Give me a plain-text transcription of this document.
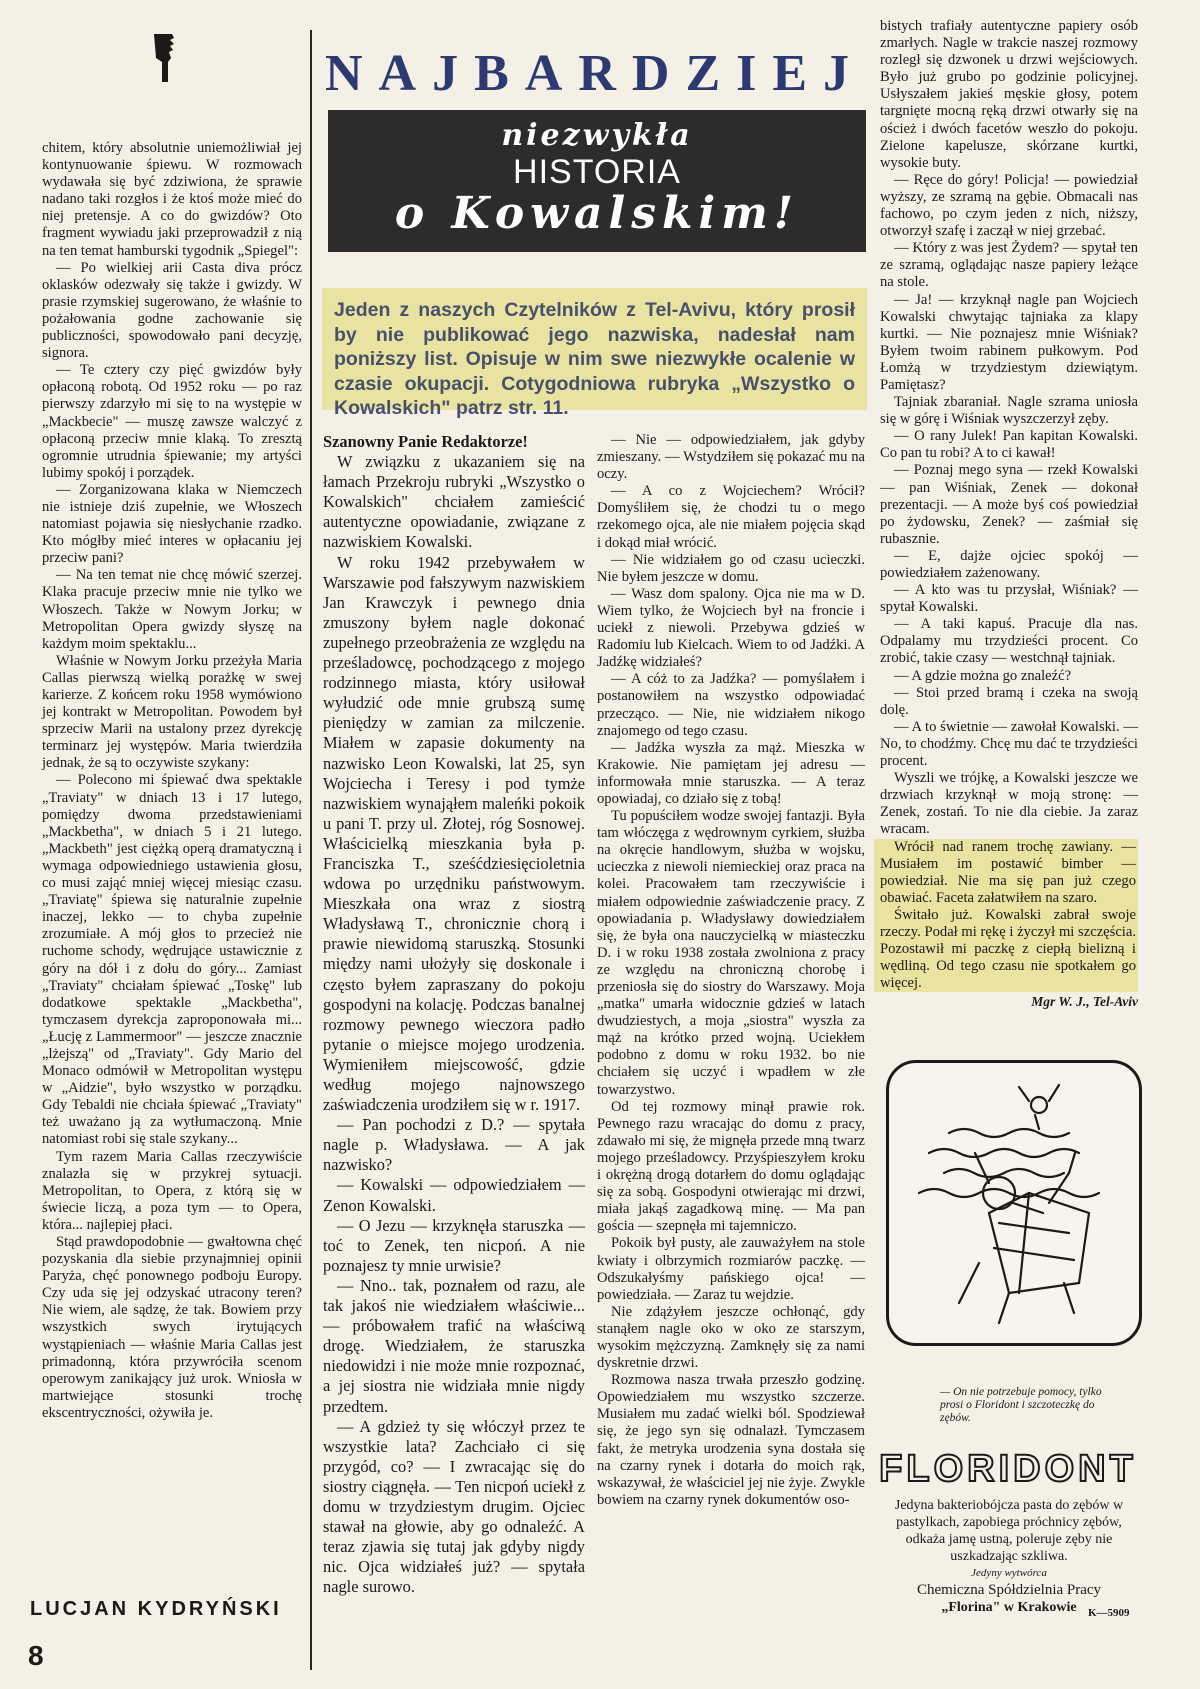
chitem, który absolutnie uniemożliwiał jej kontynuowanie śpiewu. W rozmowach wydawała się być zdziwiona, że sprawie nadano taki rozgłos i że ktoś może mieć do niej pretensje. A co do gwizdów? Oto fragment wywiadu jaki przeprowadził z nią na ten temat hamburski tygodnik „Spiegel":

— Po wielkiej arii Casta diva prócz oklasków odezwały się także i gwizdy. W prasie rzymskiej sugerowano, że właśnie to pożałowania godne zachowanie się publiczności, spowodowało pani decyzję, signora.

— Te cztery czy pięć gwizdów były opłaconą robotą. Od 1952 roku — po raz pierwszy zdarzyło mi się to na występie w „Mackbecie" — muszę zawsze walczyć z opłaconą przeciw mnie klaką. To zresztą ogromnie utrudnia śpiewanie; my artyści lubimy spokój i porządek.

— Zorganizowana klaka w Niemczech nie istnieje dziś zupełnie, we Włoszech natomiast pojawia się niesłychanie rzadko. Kto mógłby mieć interes w opłacaniu jej przeciw pani?

— Na ten temat nie chcę mówić szerzej. Klaka pracuje przeciw mnie nie tylko we Włoszech. Także w Nowym Jorku; w Metropolitan Opera gwizdy słyszę na każdym moim spektaklu...

Właśnie w Nowym Jorku przeżyła Maria Callas pierwszą wielką porażkę w swej karierze. Z końcem roku 1958 wymówiono jej kontrakt w Metropolitan. Powodem był sprzeciw Marii na ustalony przez dyrekcję terminarz jej występów. Maria twierdziła jednak, że są to oczywiste szykany:

— Polecono mi śpiewać dwa spektakle „Traviaty" w dniach 13 i 17 lutego, pomiędzy dwoma przedstawieniami „Mackbetha", w dniach 5 i 21 lutego. „Mackbeth" jest ciężką operą dramatyczną i wymaga odpowiedniego ustawienia głosu, co musi zająć mniej więcej miesiąc czasu. „Traviatę" śpiewa się naturalnie zupełnie inaczej, lekko — to chyba zupełnie zrozumiałe. A mój głos to przecież nie ruchome schody, wędrujące ustawicznie z góry na dół i z dołu do góry... Zamiast „Traviaty" chciałam śpiewać „Toskę" lub dodatkowe spektakle „Mackbetha", tymczasem dyrekcja zaproponowała mi... „Łucję z Lammermoor" — jeszcze znacznie „lżejszą" od „Traviaty". Gdy Mario del Monaco odmówił w Metropolitan występu w „Aidzie", było wszystko w porządku. Gdy Tebaldi nie chciała śpiewać „Traviaty" też uważano ją za wytłumaczoną. Mnie natomiast robi się stale szykany...

Tym razem Maria Callas rzeczywiście znalazła się w przykrej sytuacji. Metropolitan, to Opera, z którą się w świecie liczą, a poza tym — to Opera, która... najlepiej płaci.

Stąd prawdopodobnie — gwałtowna chęć pozyskania dla siebie przynajmniej opinii Paryża, chęć ponownego podboju Europy. Czy uda się jej odzyskać utracony teren? Nie wiem, ale sądzę, że tak. Bowiem przy wszystkich swych irytujących wystąpieniach — właśnie Maria Callas jest primadonną, która przywróciła scenom operowym zanikający już urok. Wniosła w martwiejące stosunki trochę ekscentryczności, ożywiła je.

LUCJAN KYDRYŃSKI
8
NAJBARDZIEJ
niezwykła
HISTORIA
o Kowalskim!
Jeden z naszych Czytelników z Tel-Avivu, który prosił by nie publikować jego nazwiska, nadesłał nam poniższy list. Opisuje w nim swe niezwykłe ocalenie w czasie okupacji. Cotygodniowa rubryka „Wszystko o Kowalskich" patrz str. 11.

Szanowny Panie Redaktorze!

W związku z ukazaniem się na łamach Przekroju rubryki „Wszystko o Kowalskich" chciałem zamieścić autentyczne opowiadanie, związane z nazwiskiem Kowalski.

W roku 1942 przebywałem w Warszawie pod fałszywym nazwiskiem Jan Krawczyk i pewnego dnia zmuszony byłem nagle dokonać zupełnego przeobrażenia ze względu na prześladowcę, pochodzącego z mojego rodzinnego miasta, który usiłował wyłudzić ode mnie grubszą sumę pieniędzy w zamian za milczenie. Miałem w zapasie dokumenty na nazwisko Leon Kowalski, lat 25, syn Wojciecha i Teresy i pod tymże nazwiskiem wynająłem maleńki pokoik u pani T. przy ul. Złotej, róg Sosnowej. Właścicielką mieszkania była p. Franciszka T., sześćdziesięcioletnia wdowa po urzędniku państwowym. Mieszkała ona wraz z siostrą Władysławą T., chronicznie chorą i prawie niewidomą staruszką. Stosunki między nami ułożyły się doskonale i często byłem zapraszany do pokoju gospodyni na kolację. Podczas banalnej rozmowy pewnego wieczora padło pytanie o miejsce mojego urodzenia. Wymieniłem miejscowość, gdzie według mojego najnowszego zaświadczenia urodziłem się w r. 1917.

— Pan pochodzi z D.? — spytała nagle p. Władysława. — A jak nazwisko?

— Kowalski — odpowiedziałem — Zenon Kowalski.

— O Jezu — krzyknęła staruszka — toć to Zenek, ten nicpoń. A nie poznajesz ty mnie urwisie?

— Nno.. tak, poznałem od razu, ale tak jakoś nie wiedziałem właściwie... — próbowałem trafić na właściwą drogę. Wiedziałem, że staruszka niedowidzi i nie może mnie rozpoznać, a jej siostra nie widziała mnie nigdy przedtem.

— A gdzież ty się włóczył przez te wszystkie lata? Zachciało ci się przygód, co? — I zwracając się do siostry ciągnęła. — Ten nicpoń uciekł z domu w trzydziestym drugim. Ojciec stawał na głowie, aby go odnaleźć. A teraz zjawia się tutaj jak gdyby nigdy nic. Ojca widziałeś już? — spytała nagle surowo.

— Nie — odpowiedziałem, jak gdyby zmieszany. — Wstydziłem się pokazać mu na oczy.

— A co z Wojciechem? Wrócił? Domyśliłem się, że chodzi tu o mego rzekomego ojca, ale nie miałem pojęcia skąd i dokąd miał wrócić.

— Nie widziałem go od czasu ucieczki. Nie byłem jeszcze w domu.

— Wasz dom spalony. Ojca nie ma w D. Wiem tylko, że Wojciech był na froncie i uciekł z niewoli. Przebywa gdzieś w Radomiu lub Kielcach. Wiem to od Jadźki. A Jadźkę widziałeś?

— A cóż to za Jadźka? — pomyślałem i postanowiłem na wszystko odpowiadać przecząco. — Nie, nie widziałem nikogo znajomego od tego czasu.

— Jadźka wyszła za mąż. Mieszka w Krakowie. Nie pamiętam jej adresu — informowała mnie staruszka. — A teraz opowiadaj, co działo się z tobą!

Tu popuściłem wodze swojej fantazji. Była tam włóczęga z wędrownym cyrkiem, służba na okręcie handlowym, służba w wojsku, ucieczka z niewoli niemieckiej oraz praca na kolei. Pracowałem tam rzeczywiście i miałem odpowiednie zaświadczenie pracy. Z opowiadania p. Władysławy dowiedziałem się, że była ona nauczycielką w miasteczku D. i w roku 1938 została zwolniona z pracy ze względu na chroniczną chorobę i przeniosła się do siostry do Warszawy. Moja „matka" umarła widocznie gdzieś w latach dwudziestych, a moja „siostra" wyszła za mąż na krótko przed wojną. Uciekłem podobno z domu w roku 1932. bo nie chciałem się uczyć i wpadłem w złe towarzystwo.

Od tej rozmowy minął prawie rok. Pewnego razu wracając do domu z pracy, zdawało mi się, że mignęła przede mną twarz mojego prześladowcy. Przyśpieszyłem kroku i okrężną drogą dotarłem do domu oglądając się za sobą. Gospodyni otwierając mi drzwi, miała jakąś zagadkową minę. — Ma pan gościa — szepnęła mi tajemniczo.

Pokoik był pusty, ale zauważyłem na stole kwiaty i olbrzymich rozmiarów paczkę. — Odszukałyśmy pańskiego ojca! — powiedziała. — Zaraz tu wejdzie.

Nie zdążyłem jeszcze ochłonąć, gdy stanąłem nagle oko w oko ze starszym, wysokim mężczyzną. Zamknęły się za nami dyskretnie drzwi.

Rozmowa nasza trwała przeszło godzinę. Opowiedziałem mu wszystko szczerze. Musiałem mu zadać wielki ból. Spodziewał się, że jego syn się odnalazł. Tymczasem fakt, że metryka urodzenia syna dostała się na czarny rynek i dotarła do moich rąk, wskazywał, że właściciel jej nie żyje. Zwykle bowiem na czarny rynek dokumentów oso-

bistych trafiały autentyczne papiery osób zmarłych. Nagle w trakcie naszej rozmowy rozległ się dzwonek u drzwi wejściowych. Było już grubo po godzinie policyjnej. Usłyszałem jakieś męskie głosy, potem targnięte mocną ręką drzwi otwarły się na oścież i dwóch facetów weszło do pokoju. Zielone kapelusze, skórzane kurtki, wysokie buty.

— Ręce do góry! Policja! — powiedział wyższy, ze szramą na gębie. Obmacali nas fachowo, po czym jeden z nich, niższy, otworzył szafę i zaczął w niej grzebać.

— Który z was jest Żydem? — spytał ten ze szramą, oglądając nasze papiery leżące na stole.

— Ja! — krzyknął nagle pan Wojciech Kowalski chwytając tajniaka za klapy kurtki. — Nie poznajesz mnie Wiśniak? Byłem twoim rabinem pułkowym. Pod Łomżą w trzydziestym dziewiątym. Pamiętasz?

Tajniak zbaraniał. Nagle szrama uniosła się w górę i Wiśniak wyszczerzył zęby.

— O rany Julek! Pan kapitan Kowalski. Co pan tu robi? A to ci kawał!

— Poznaj mego syna — rzekł Kowalski — pan Wiśniak, Zenek — dokonał prezentacji. — A może byś coś powiedział po żydowsku, Zenek? — zaśmiał się rubasznie.

— E, dajże ojciec spokój — powiedziałem zażenowany.

— A kto was tu przysłał, Wiśniak? — spytał Kowalski.

— A taki kapuś. Pracuje dla nas. Odpalamy mu trzydzieści procent. Co zrobić, takie czasy — westchnął tajniak.

— A gdzie można go znaleźć?

— Stoi przed bramą i czeka na swoją dolę.

— A to świetnie — zawołał Kowalski. — No, to chodźmy. Chcę mu dać te trzydzieści procent.

Wyszli we trójkę, a Kowalski jeszcze we drzwiach krzyknął w moją stronę: — Zenek, zostań. To nie dla ciebie. Ja zaraz wracam.

Wrócił nad ranem trochę zawiany. — Musiałem im postawić bimber — powiedział. Nie ma się pan już czego obawiać. Faceta załatwiłem na szaro.

Świtało już. Kowalski zabrał swoje rzeczy. Podał mi rękę i życzył mi szczęścia. Pozostawił mi paczkę z ciepłą bielizną i wędliną. Od tego czasu nie spotkałem go więcej.

Mgr W. J., Tel-Aviv
— On nie potrzebuje pomocy, tylko prosi o Floridont i szczoteczkę do zębów.
FLORIDONT
Jedyna bakteriobójcza pasta do zębów w pastylkach, zapobiega próchnicy zębów, odkaża jamę ustną, poleruje zęby nie uszkadzając szkliwa.
Jedyny wytwórca
Chemiczna Spółdzielnia Pracy
„Florina" w Krakowie	K—5909
